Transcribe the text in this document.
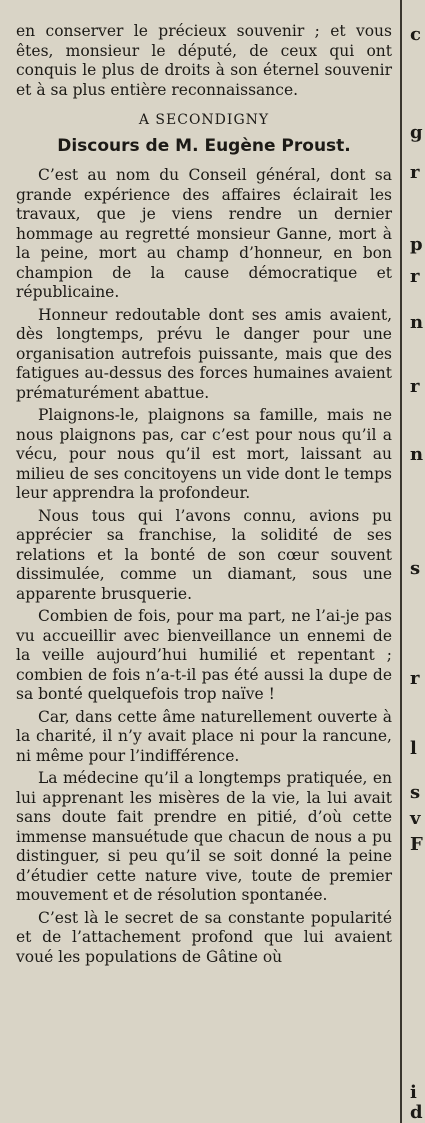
en conserver le précieux souvenir ; et vous êtes, monsieur le député, de ceux qui ont conquis le plus de droits à son éternel souvenir et à sa plus entière reconnaissance.

A SECONDIGNY
Discours de M. Eugène Proust.

C’est au nom du Conseil général, dont sa grande expérience des affaires éclairait les travaux, que je viens rendre un dernier hommage au regretté monsieur Ganne, mort à la peine, mort au champ d’honneur, en bon champion de la cause démocratique et républicaine.

Honneur redoutable dont ses amis avaient, dès longtemps, prévu le danger pour une organisation autrefois puissante, mais que des fatigues au-dessus des forces humaines avaient prématurément abattue.

Plaignons-le, plaignons sa famille, mais ne nous plaignons pas, car c’est pour nous qu’il a vécu, pour nous qu’il est mort, laissant au milieu de ses concitoyens un vide dont le temps leur apprendra la profondeur.

Nous tous qui l’avons connu, avions pu apprécier sa franchise, la solidité de ses relations et la bonté de son cœur souvent dissimulée, comme un diamant, sous une apparente brusquerie.

Combien de fois, pour ma part, ne l’ai-je pas vu accueillir avec bienveillance un ennemi de la veille aujourd’hui humilié et repentant ; combien de fois n’a-t-il pas été aussi la dupe de sa bonté quelquefois trop naïve !

Car, dans cette âme naturellement ouverte à la charité, il n’y avait place ni pour la rancune, ni même pour l’indifférence.

La médecine qu’il a longtemps pratiquée, en lui apprenant les misères de la vie, la lui avait sans doute fait prendre en pitié, d’où cette immense mansuétude que chacun de nous a pu distinguer, si peu qu’il se soit donné la peine d’étudier cette nature vive, toute de premier mouvement et de résolution spontanée.

C’est là le secret de sa constante popularité et de l’attachement profond que lui avaient voué les populations de Gâtine où

c
g
r
p
r
n
r
n
s
r
l
s
v
F
i
d
